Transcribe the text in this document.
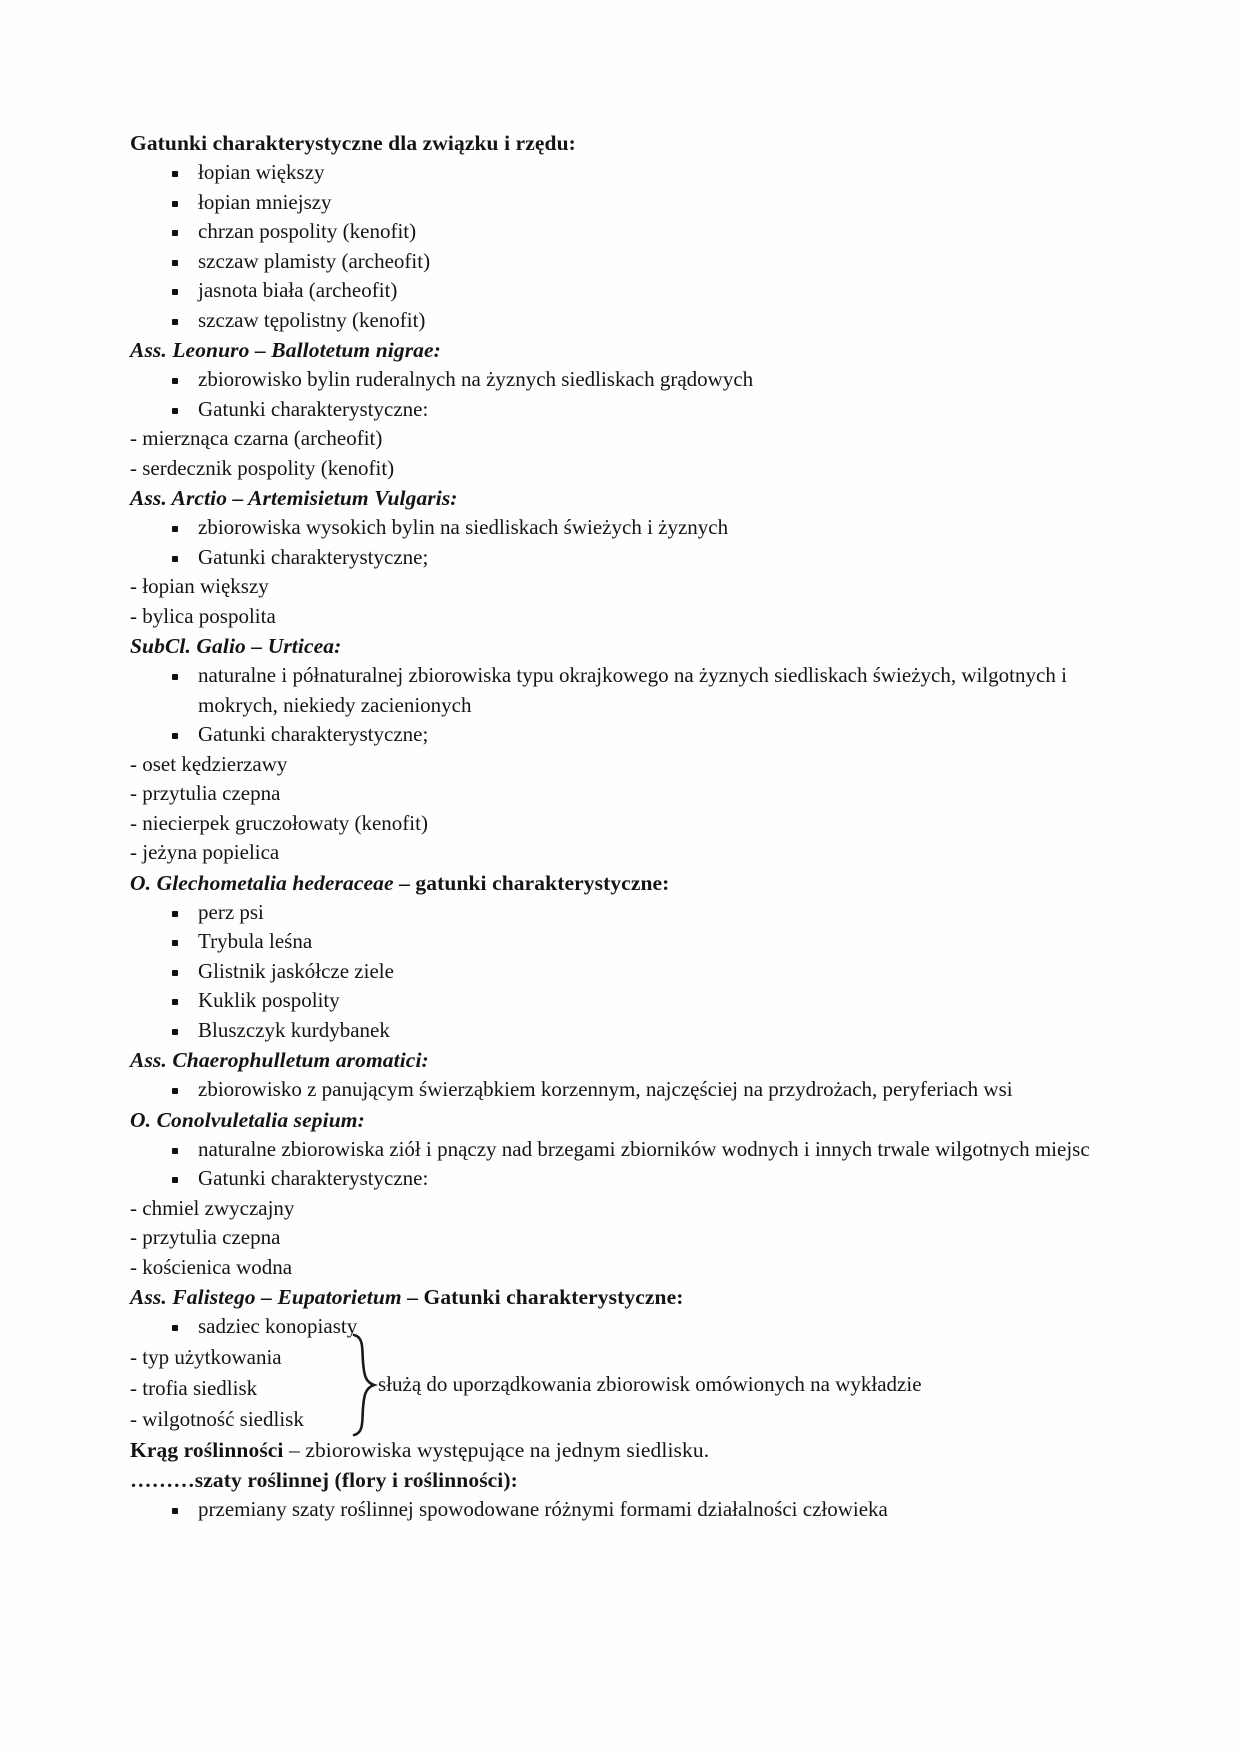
Gatunki charakterystyczne dla związku i rzędu:

łopian większy
łopian mniejszy
chrzan pospolity (kenofit)
szczaw plamisty (archeofit)
jasnota biała (archeofit)
szczaw tępolistny (kenofit)

Ass. Leonuro – Ballotetum nigrae:

zbiorowisko bylin ruderalnych na żyznych siedliskach grądowych
Gatunki charakterystyczne:

- mierznąca czarna (archeofit)

- serdecznik pospolity (kenofit)

Ass. Arctio – Artemisietum Vulgaris:

zbiorowiska wysokich bylin na siedliskach świeżych i żyznych
Gatunki charakterystyczne;

- łopian większy

- bylica pospolita

SubCl. Galio – Urticea:

naturalne i półnaturalnej zbiorowiska typu okrajkowego na żyznych siedliskach świeżych, wilgotnych i mokrych, niekiedy zacienionych
Gatunki charakterystyczne;

- oset kędzierzawy

- przytulia czepna

- niecierpek gruczołowaty (kenofit)

- jeżyna popielica

O. Glechometalia hederaceae – gatunki charakterystyczne:

perz psi
Trybula leśna
Glistnik jaskółcze ziele
Kuklik pospolity
Bluszczyk kurdybanek

Ass. Chaerophulletum aromatici:

zbiorowisko z panującym świerząbkiem korzennym, najczęściej na przydrożach, peryferiach wsi

O. Conolvuletalia sepium:

naturalne zbiorowiska ziół i pnączy nad brzegami zbiorników wodnych i innych trwale wilgotnych miejsc
Gatunki charakterystyczne:

- chmiel zwyczajny

- przytulia czepna

- kościenica wodna

Ass. Falistego – Eupatorietum – Gatunki charakterystyczne:

sadziec konopiasty

- typ użytkowania

- trofia siedlisk

- wilgotność siedlisk

służą do uporządkowania zbiorowisk omówionych na wykładzie

Krąg roślinności – zbiorowiska występujące na jednym siedlisku.

………szaty roślinnej (flory i roślinności):

przemiany szaty roślinnej spowodowane różnymi formami działalności człowieka
